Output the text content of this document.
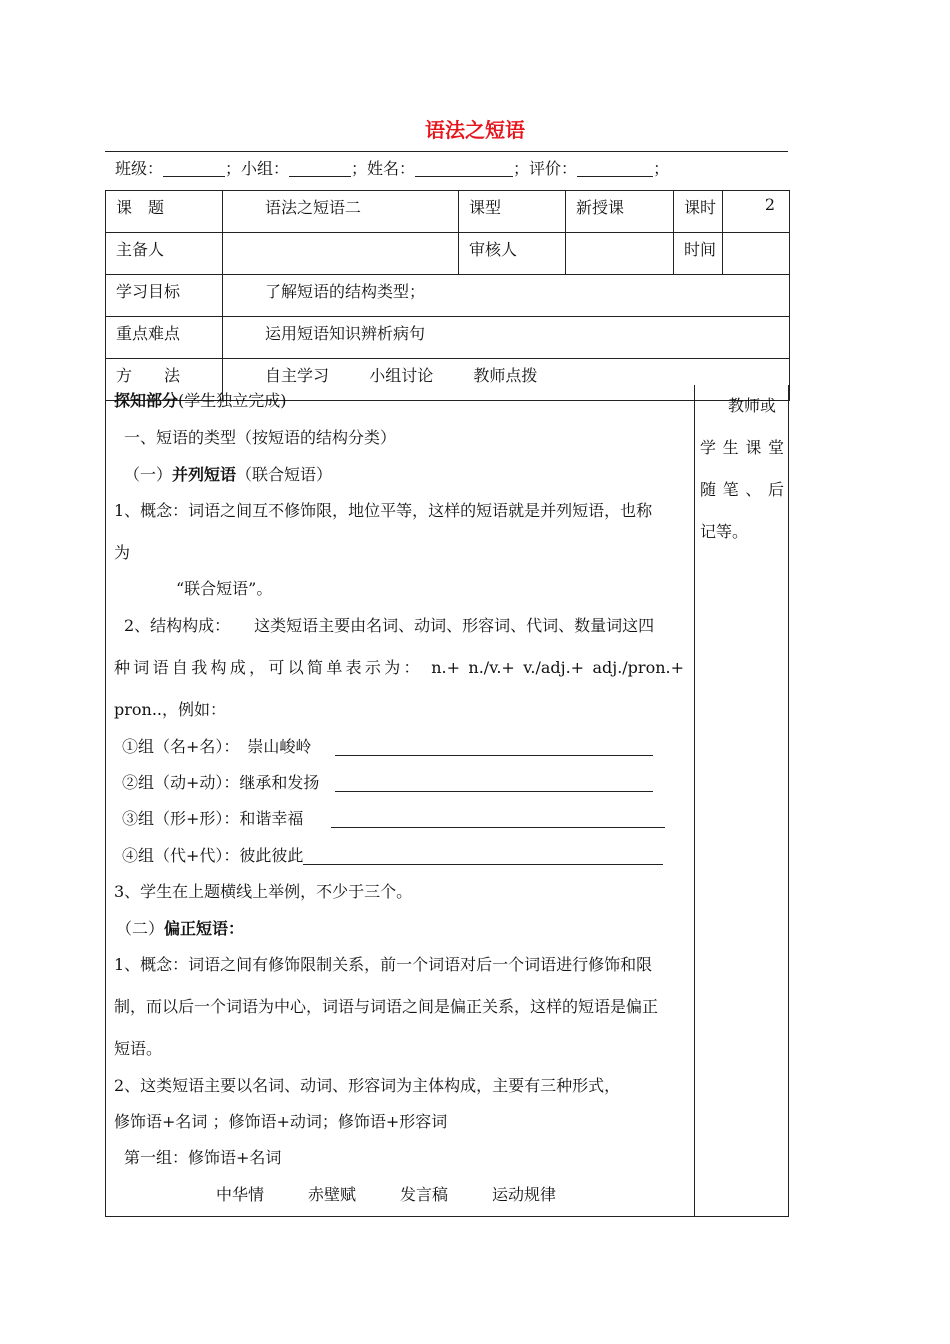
语法之短语
班级：	；小组：	；姓名：	；评价：	；
课　题	语法之短语二	课型	新授课	课时	2
主备人		审核人		时间	
学习目标	了解短语的结构类型；				
重点难点	运用短语知识辨析病句				
方　　法	自主学习 小组讨论 教师点拨				
教师或
学 生 课 堂
随 笔 、 后
记等。
探知部分(学生独立完成)
一、短语的类型（按短语的结构分类）
（一）并列短语（联合短语）
1、概念：词语之间互不修饰限，地位平等，这样的短语就是并列短语，也称
为
“联合短语”。
2、结构构成：　　这类短语主要由名词、动词、形容词、代词、数量词这四
种词语自我构成，可以简单表示为： n.+ n./v.+ v./adj.+ adj./pron.+
pron..，例如：
①组（名+名）：　崇山峻岭
②组（动+动）：继承和发扬
③组（形+形）：和谐幸福
④组（代+代）：彼此彼此
3、学生在上题横线上举例，不少于三个。
（二）偏正短语：
1、概念：词语之间有修饰限制关系，前一个词语对后一个词语进行修饰和限
制，而以后一个词语为中心，词语与词语之间是偏正关系，这样的短语是偏正
短语。
2、这类短语主要以名词、动词、形容词为主体构成，主要有三种形式，
修饰语+名词 ；修饰语+动词；修饰语+形容词
第一组：修饰语+名词
中华情	赤壁赋	发言稿	运动规律
